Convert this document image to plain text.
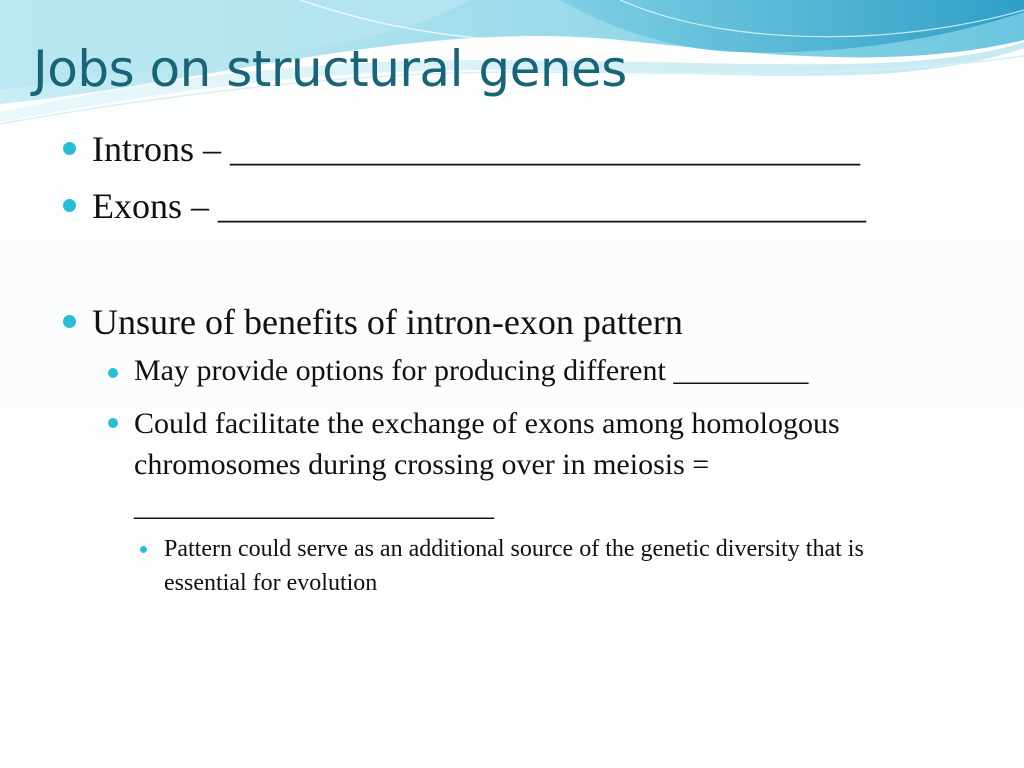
Jobs on structural genes
Introns – ___________________________________
Exons – ____________________________________
Unsure of benefits of intron-exon pattern
May provide options for producing different _________
Could facilitate the exchange of exons among homologous chromosomes during crossing over in meiosis = ________________________
Pattern could serve as an additional source of the genetic diversity that is essential for evolution
